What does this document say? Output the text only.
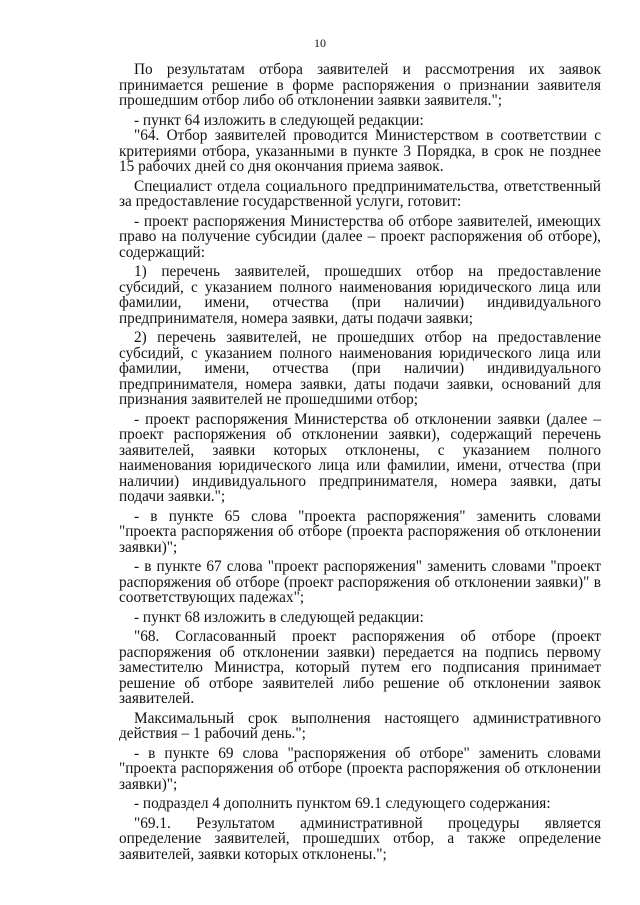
10

По результатам отбора заявителей и рассмотрения их заявок принимается решение в форме распоряжения о признании заявителя прошедшим отбор либо об отклонении заявки заявителя.";

- пункт 64 изложить в следующей редакции:

"64. Отбор заявителей проводится Министерством в соответствии с критериями отбора, указанными в пункте 3 Порядка, в срок не позднее 15 рабочих дней со дня окончания приема заявок.

Специалист отдела социального предпринимательства, ответственный за предоставление государственной услуги, готовит:

- проект распоряжения Министерства об отборе заявителей, имеющих право на получение субсидии (далее – проект распоряжения об отборе), содержащий:

1) перечень заявителей, прошедших отбор на предоставление субсидий, с указанием полного наименования юридического лица или фамилии, имени, отчества (при наличии) индивидуального предпринимателя, номера заявки, даты подачи заявки;

2) перечень заявителей, не прошедших отбор на предоставление субсидий, с указанием полного наименования юридического лица или фамилии, имени, отчества (при наличии) индивидуального предпринимателя, номера заявки, даты подачи заявки, оснований для признания заявителей не прошедшими отбор;

- проект распоряжения Министерства об отклонении заявки (далее – проект распоряжения об отклонении заявки), содержащий перечень заявителей, заявки которых отклонены, с указанием полного наименования юридического лица или фамилии, имени, отчества (при наличии) индивидуального предпринимателя, номера заявки, даты подачи заявки.";

- в пункте 65 слова "проекта распоряжения" заменить словами "проекта распоряжения об отборе (проекта распоряжения об отклонении заявки)";

- в пункте 67 слова "проект распоряжения" заменить словами "проект распоряжения об отборе (проект распоряжения об отклонении заявки)" в соответствующих падежах";

- пункт 68 изложить в следующей редакции:

"68. Согласованный проект распоряжения об отборе (проект распоряжения об отклонении заявки) передается на подпись первому заместителю Министра, который путем его подписания принимает решение об отборе заявителей либо решение об отклонении заявок заявителей.

Максимальный срок выполнения настоящего административного действия – 1 рабочий день.";

- в пункте 69 слова "распоряжения об отборе" заменить словами "проекта распоряжения об отборе (проекта распоряжения об отклонении заявки)";

- подраздел 4 дополнить пунктом 69.1 следующего содержания:

"69.1. Результатом административной процедуры является определение заявителей, прошедших отбор, а также определение заявителей, заявки которых отклонены.";
